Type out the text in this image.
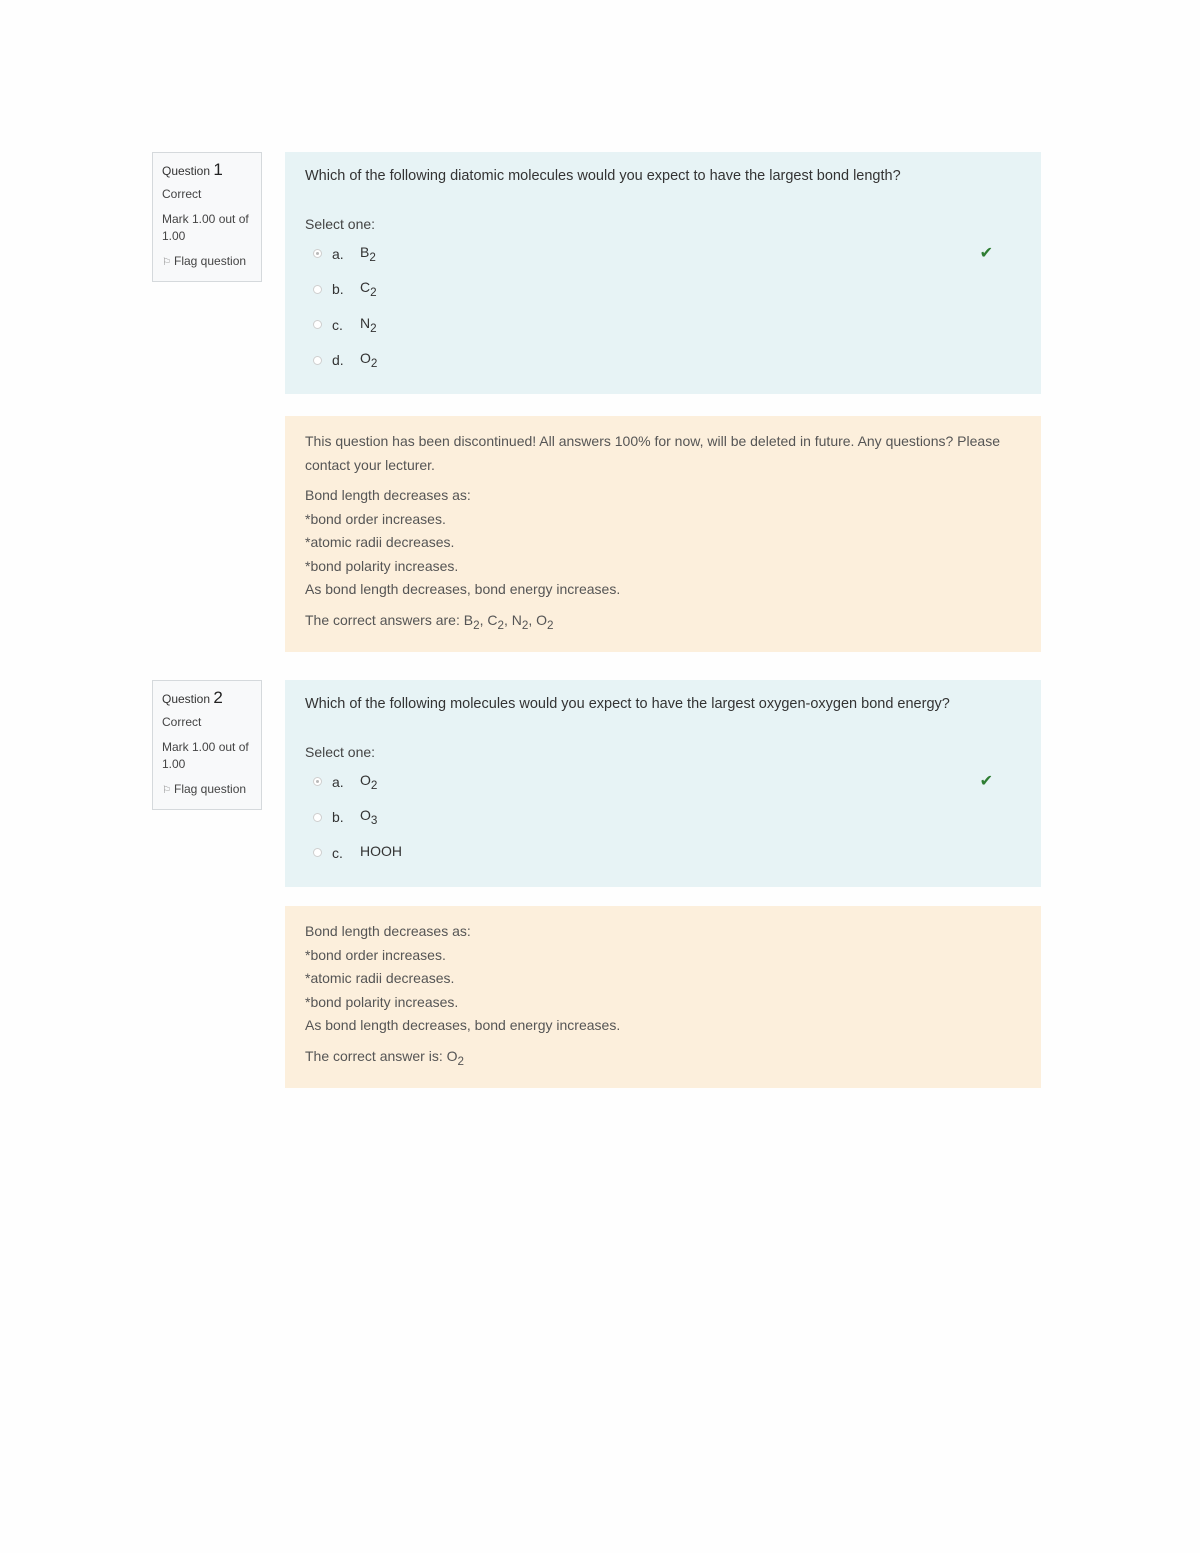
Question 1
Correct
Mark 1.00 out of 1.00
⚐ Flag question
Which of the following diatomic molecules would you expect to have the largest bond length?
Select one:
a.	$B_2$	✔
b.	$C_2$
c.	$N_2$
d.	$O_2$

This question has been discontinued! All answers 100% for now, will be deleted in future. Any questions? Please contact your lecturer.

Bond length decreases as:

*bond order increases.

*atomic radii decreases.

*bond polarity increases.

As bond length decreases, bond energy increases.

The correct answers are: $B_2$, $C_2$, $N_2$, $O_2$

Question 2
Correct
Mark 1.00 out of 1.00
⚐ Flag question
Which of the following molecules would you expect to have the largest oxygen-oxygen bond energy?
Select one:
a.	$O_2$	✔
b.	$O_3$
c.	HOOH

Bond length decreases as:

*bond order increases.

*atomic radii decreases.

*bond polarity increases.

As bond length decreases, bond energy increases.

The correct answer is: $O_2$
